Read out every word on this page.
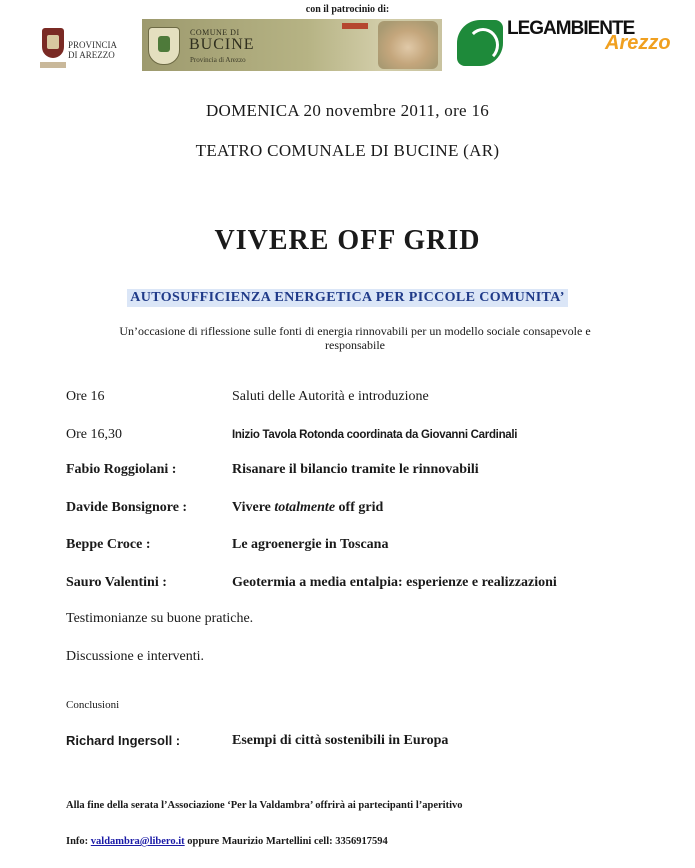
con il patrocinio di:
PROVINCIA DI AREZZO
COMUNE DI
BUCINE
Provincia di Arezzo
LEGAMBIENTE
Arezzo
DOMENICA 20 novembre 2011, ore 16
TEATRO COMUNALE DI BUCINE (AR)
VIVERE OFF GRID
AUTOSUFFICIENZA ENERGETICA PER PICCOLE COMUNITA’
Un’occasione di riflessione sulle fonti di energia rinnovabili per un modello sociale consapevole e responsabile
Ore 16	Saluti delle Autorità e introduzione
Ore 16,30	Inizio Tavola Rotonda coordinata da Giovanni Cardinali
Fabio Roggiolani :	Risanare il bilancio tramite le rinnovabili
Davide Bonsignore :	Vivere totalmente off grid
Beppe Croce :	Le agroenergie in Toscana
Sauro Valentini :	Geotermia a media entalpia: esperienze e realizzazioni
Testimonianze su buone pratiche.
Discussione e interventi.
Conclusioni
Richard Ingersoll :	Esempi di città sostenibili in Europa
Alla fine della serata l’Associazione ‘Per la Valdambra’ offrirà ai partecipanti l’aperitivo
Info: valdambra@libero.it oppure Maurizio Martellini cell: 3356917594
